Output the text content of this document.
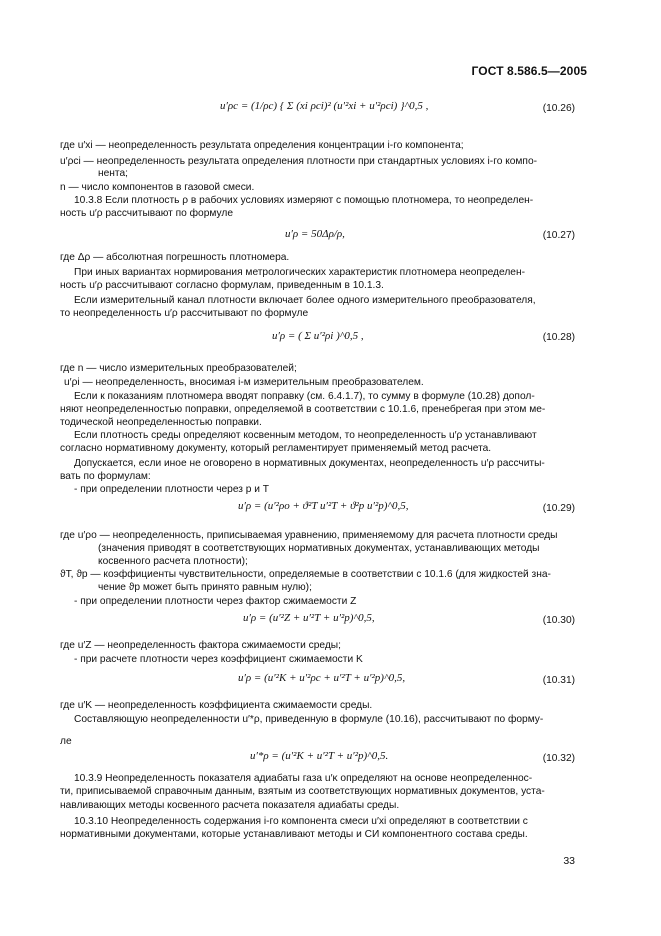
ГОСТ 8.586.5—2005
u′ρc = (1/ρc) { Σ (xi ρci)² (u′²xi + u′²ρci) }^0,5 ,	(10.26)
где u′xi — неопределенность результата определения концентрации i-го компонента;
u′ρci — неопределенность результата определения плотности при стандартных условиях i-го компо-
нента;
n — число компонентов в газовой смеси.
10.3.8 Если плотность ρ в рабочих условиях измеряют с помощью плотномера, то неопределен-
ность u′ρ рассчитывают по формуле
u′ρ = 50Δρ/ρ,	(10.27)
где Δρ — абсолютная погрешность плотномера.
При иных вариантах нормирования метрологических характеристик плотномера неопределен-
ность u′ρ рассчитывают согласно формулам, приведенным в 10.1.3.
Если измерительный канал плотности включает более одного измерительного преобразователя,
то неопределенность u′ρ рассчитывают по формуле
u′ρ = ( Σ u′²ρi )^0,5 ,	(10.28)
где n — число измерительных преобразователей;
u′ρi — неопределенность, вносимая i-м измерительным преобразователем.
Если к показаниям плотномера вводят поправку (см. 6.4.1.7), то сумму в формуле (10.28) допол-
няют неопределенностью поправки, определяемой в соответствии с 10.1.6, пренебрегая при этом ме-
тодической неопределенностью поправки.
Если плотность среды определяют косвенным методом, то неопределенность u′ρ устанавливают
согласно нормативному документу, который регламентирует применяемый метод расчета.
Допускается, если иное не оговорено в нормативных документах, неопределенность u′ρ рассчиты-
вать по формулам:
- при определении плотности через p и T
u′ρ = (u′²ρo + ϑ²T u′²T + ϑ²p u′²p)^0,5,	(10.29)
где u′ρo — неопределенность, приписываемая уравнению, применяемому для расчета плотности среды
(значения приводят в соответствующих нормативных документах, устанавливающих методы
косвенного расчета плотности);
ϑT, ϑp — коэффициенты чувствительности, определяемые в соответствии с 10.1.6 (для жидкостей зна-
чение ϑp может быть принято равным нулю);
- при определении плотности через фактор сжимаемости Z
u′ρ = (u′²Z + u′²T + u′²p)^0,5,	(10.30)
где u′Z — неопределенность фактора сжимаемости среды;
- при расчете плотности через коэффициент сжимаемости K
u′ρ = (u′²K + u′²ρc + u′²T + u′²p)^0,5,	(10.31)
где u′K — неопределенность коэффициента сжимаемости среды.
Составляющую неопределенности u′*ρ, приведенную в формуле (10.16), рассчитывают по форму-
ле
u′*ρ = (u′²K + u′²T + u′²p)^0,5.	(10.32)
10.3.9 Неопределенность показателя адиабаты газа u′κ определяют на основе неопределеннос-
ти, приписываемой справочным данным, взятым из соответствующих нормативных документов, уста-
навливающих методы косвенного расчета показателя адиабаты среды.
10.3.10 Неопределенность содержания i-го компонента смеси u′xi определяют в соответствии с
нормативными документами, которые устанавливают методы и СИ компонентного состава среды.
33
